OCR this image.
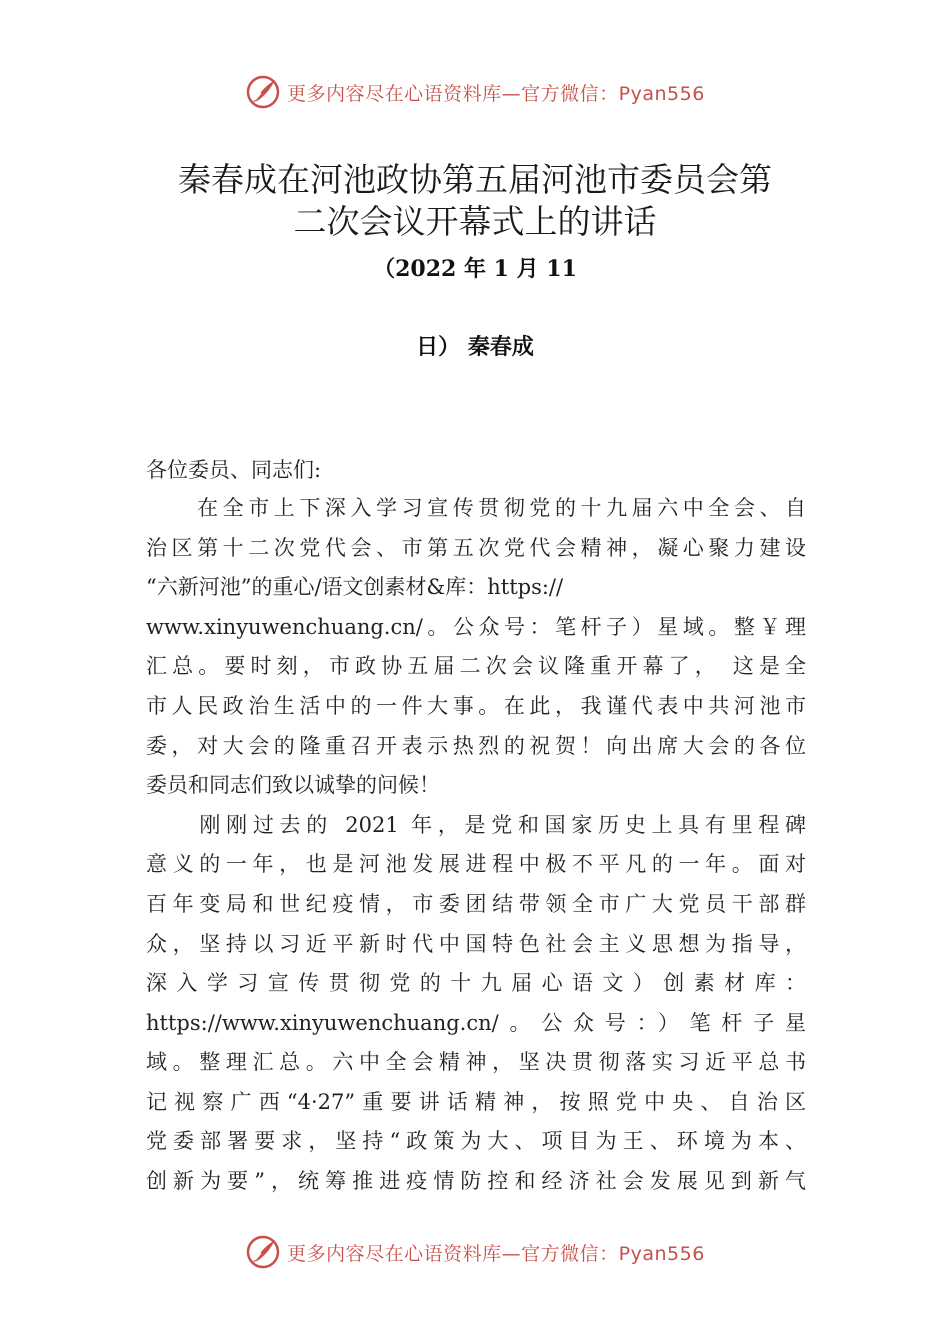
更多内容尽在心语资料库—官方微信：Pyan556
秦春成在河池政协第五届河池市委员会第
二次会议开幕式上的讲话
（2022 年 1 月 11
日） 秦春成
各位委员、同志们:
　　在全市上下深入学习宣传贯彻党的十九届六中全会、自
治区第十二次党代会、市第五次党代会精神，凝心聚力建设
“六新河池”的重心/语文创素材&库：https://
www.xinyuwenchuang.cn/。公众号：笔杆子）星域。整￥理
汇总。要时刻，市政协五届二次会议隆重开幕了， 这是全
市人民政治生活中的一件大事。在此，我谨代表中共河池市
委，对大会的隆重召开表示热烈的祝贺！向出席大会的各位
委员和同志们致以诚挚的问候！
　　刚刚过去的 2021 年，是党和国家历史上具有里程碑
意义的一年，也是河池发展进程中极不平凡的一年。面对
百年变局和世纪疫情，市委团结带领全市广大党员干部群
众，坚持以习近平新时代中国特色社会主义思想为指导，
深入学习宣传贯彻党的十九届心语文）创素材库：
https://www.xinyuwenchuang.cn/。公众号：）笔杆子星
域。整理汇总。六中全会精神，坚决贯彻落实习近平总书
记视察广西“4·27”重要讲话精神，按照党中央、自治区
党委部署要求，坚持“政策为大、项目为王、环境为本、
创新为要”，统筹推进疫情防控和经济社会发展见到新气
更多内容尽在心语资料库—官方微信：Pyan556
